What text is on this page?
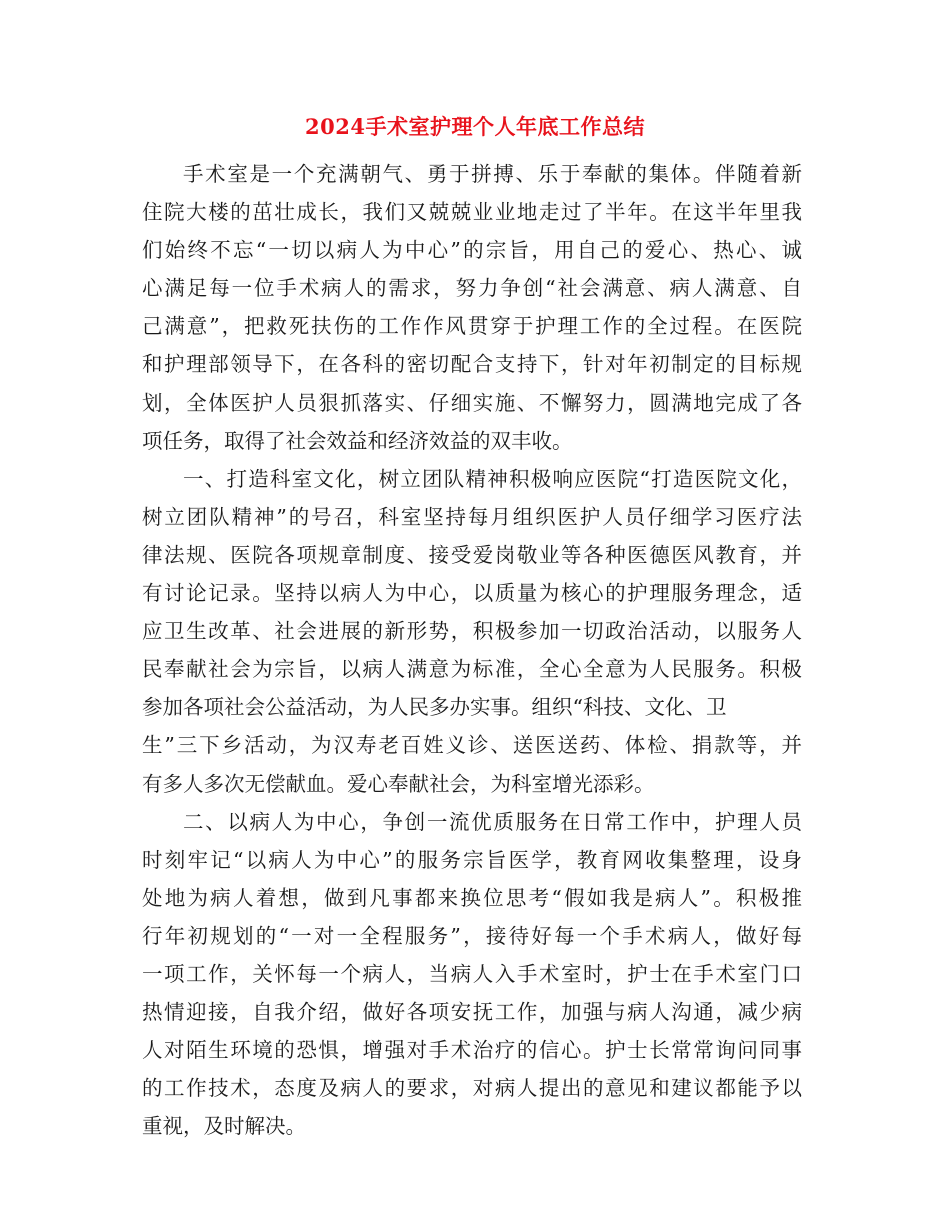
2024手术室护理个人年底工作总结
手术室是一个充满朝气、勇于拼搏、乐于奉献的集体。伴随着新
住院大楼的茁壮成长，我们又兢兢业业地走过了半年。在这半年里我
们始终不忘“一切以病人为中心”的宗旨，用自己的爱心、热心、诚
心满足每一位手术病人的需求，努力争创“社会满意、病人满意、自
己满意”，把救死扶伤的工作作风贯穿于护理工作的全过程。在医院
和护理部领导下，在各科的密切配合支持下，针对年初制定的目标规
划，全体医护人员狠抓落实、仔细实施、不懈努力，圆满地完成了各
项任务，取得了社会效益和经济效益的双丰收。
一、打造科室文化，树立团队精神积极响应医院“打造医院文化，
树立团队精神”的号召，科室坚持每月组织医护人员仔细学习医疗法
律法规、医院各项规章制度、接受爱岗敬业等各种医德医风教育，并
有讨论记录。坚持以病人为中心，以质量为核心的护理服务理念，适
应卫生改革、社会进展的新形势，积极参加一切政治活动，以服务人
民奉献社会为宗旨，以病人满意为标准，全心全意为人民服务。积极
参加各项社会公益活动，为人民多办实事。组织“科技、文化、卫
生”三下乡活动，为汉寿老百姓义诊、送医送药、体检、捐款等，并
有多人多次无偿献血。爱心奉献社会，为科室增光添彩。
二、以病人为中心，争创一流优质服务在日常工作中，护理人员
时刻牢记“以病人为中心”的服务宗旨医学，教育网收集整理，设身
处地为病人着想，做到凡事都来换位思考“假如我是病人”。积极推
行年初规划的“一对一全程服务”，接待好每一个手术病人，做好每
一项工作，关怀每一个病人，当病人入手术室时，护士在手术室门口
热情迎接，自我介绍，做好各项安抚工作，加强与病人沟通，减少病
人对陌生环境的恐惧，增强对手术治疗的信心。护士长常常询问同事
的工作技术，态度及病人的要求，对病人提出的意见和建议都能予以
重视，及时解决。
